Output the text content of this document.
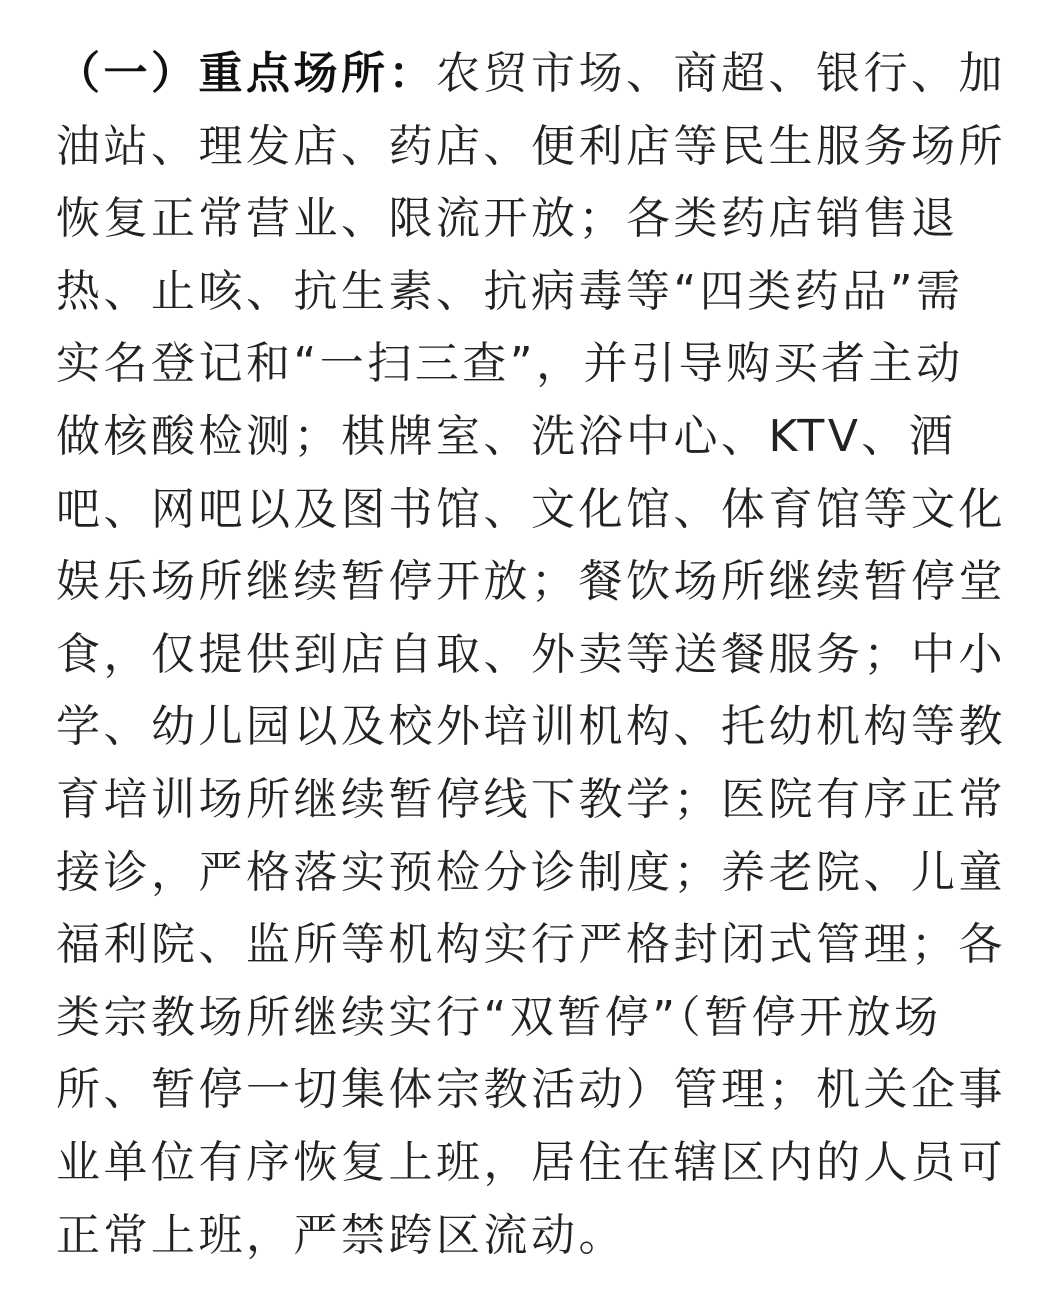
（一）重点场所：农贸市场、商超、银行、加
油站、理发店、药店、便利店等民生服务场所
恢复正常营业、限流开放；各类药店销售退
热、止咳、抗生素、抗病毒等“四类药品”需
实名登记和“一扫三查”，并引导购买者主动
做核酸检测；棋牌室、洗浴中心、KTV、酒
吧、网吧以及图书馆、文化馆、体育馆等文化
娱乐场所继续暂停开放；餐饮场所继续暂停堂
食，仅提供到店自取、外卖等送餐服务；中小
学、幼儿园以及校外培训机构、托幼机构等教
育培训场所继续暂停线下教学；医院有序正常
接诊，严格落实预检分诊制度；养老院、儿童
福利院、监所等机构实行严格封闭式管理；各
类宗教场所继续实行“双暂停”（暂停开放场
所、暂停一切集体宗教活动）管理；机关企事
业单位有序恢复上班，居住在辖区内的人员可
正常上班，严禁跨区流动。
